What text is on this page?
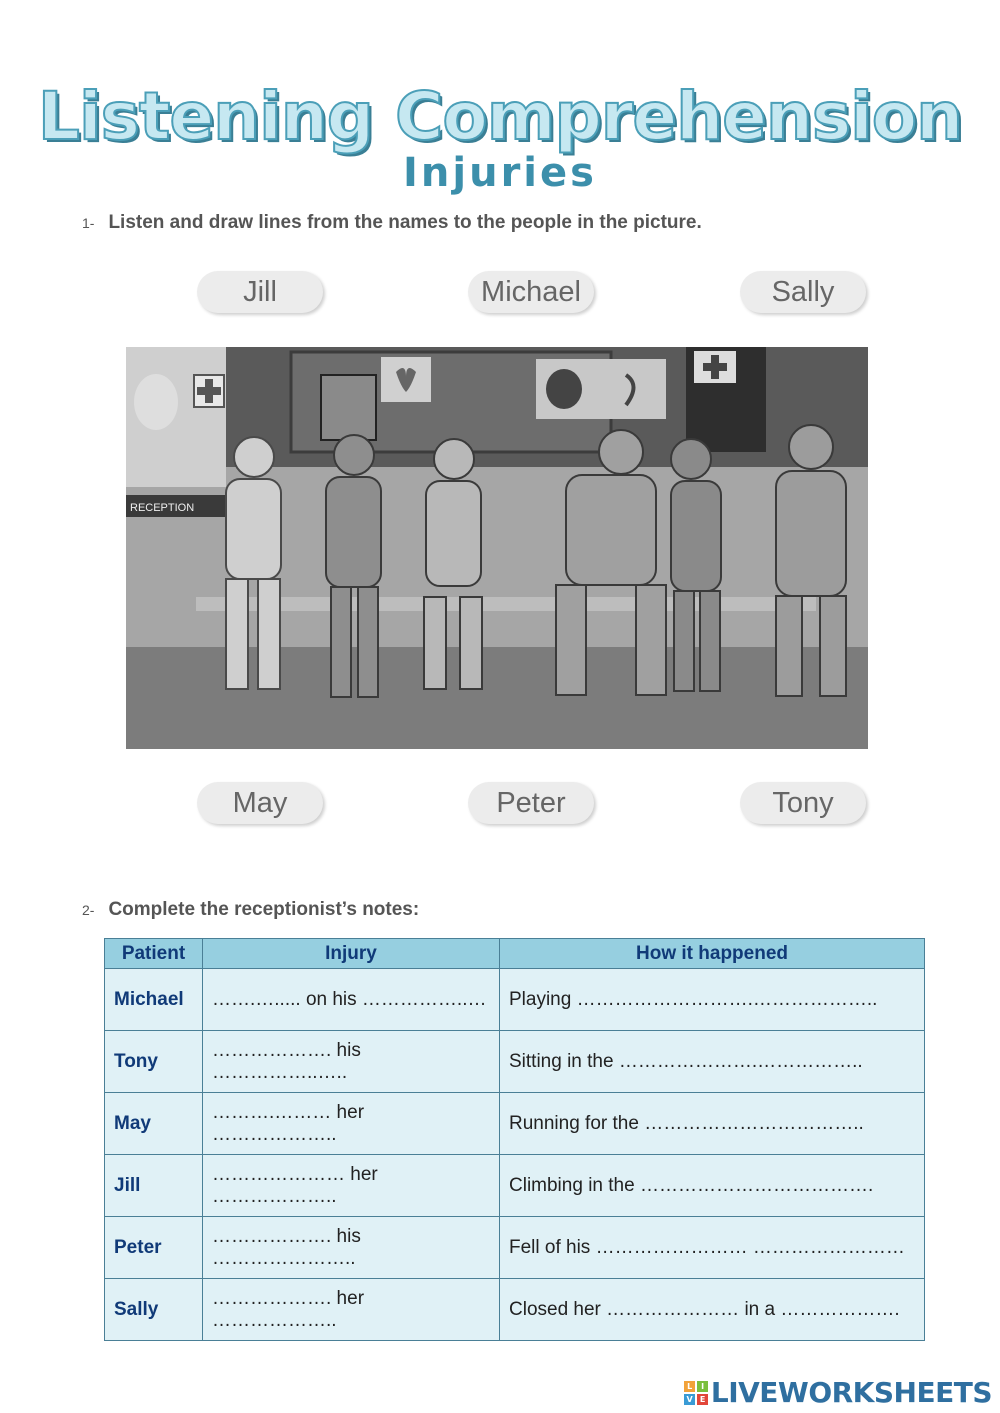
Listening Comprehension
Injuries
1- Listen and draw lines from the names to the people in the picture.
Jill	Michael	Sally
RECEPTION
May	Peter	Tony
2- Complete the receptionist’s notes:
Patient	Injury	How it happened
Michael	…….…..... on his ……………..…	Playing ……………………….………………..
Tony	………………. his ……………..…..	Sitting in the ………………….……………..
May	……….……… her ………………..	Running for the ……………………………..
Jill	………………… her ………………..	Climbing in the ……………………………….
Peter	………………. his …………………..	Fell of his …………………… ……………………
Sally	………………. her ………………..	Closed her ………………… in a ……………….
L	I
V E LIVEWORKSHEETS
